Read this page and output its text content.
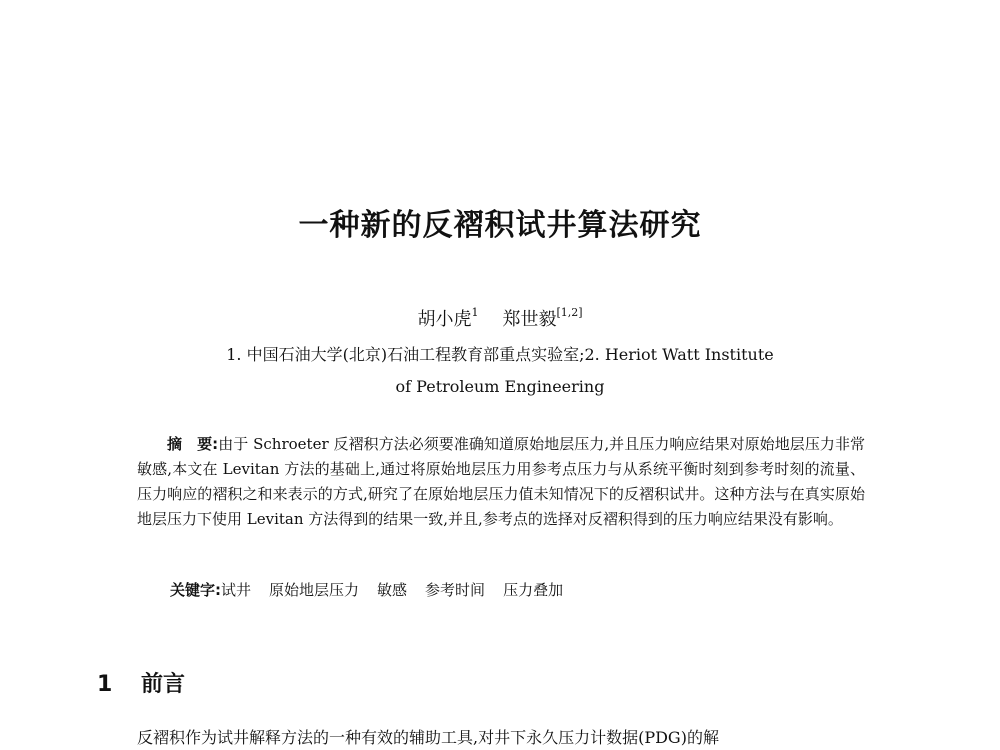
一种新的反褶积试井算法研究
胡小虎$^1$ 郑世毅[1,2]
1. 中国石油大学(北京)石油工程教育部重点实验室;2. Heriot Watt Institute
of Petroleum Engineering
摘　要:由于 Schroeter 反褶积方法必须要准确知道原始地层压力,并且压力响应结果对原始地层压力非常敏感,本文在 Levitan 方法的基础上,通过将原始地层压力用参考点压力与从系统平衡时刻到参考时刻的流量、压力响应的褶积之和来表示的方式,研究了在原始地层压力值未知情况下的反褶积试井。这种方法与在真实原始地层压力下使用 Levitan 方法得到的结果一致,并且,参考点的选择对反褶积得到的压力响应结果没有影响。
关键字:试井 原始地层压力 敏感 参考时间 压力叠加
1 前言
反褶积作为试井解释方法的一种有效的辅助工具,对井下永久压力计数据(PDG)的解
